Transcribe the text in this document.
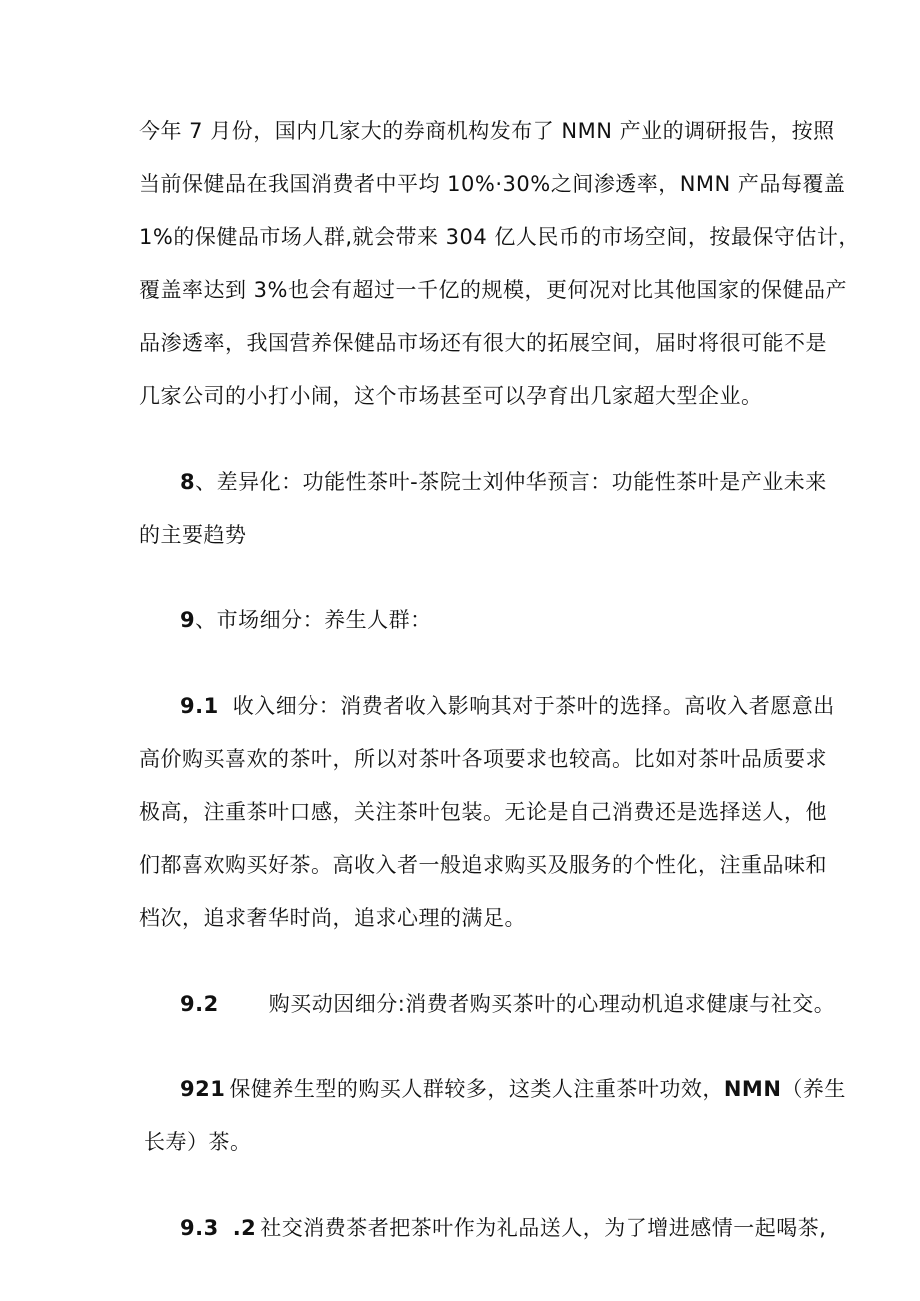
今年 7 月份，国内几家大的券商机构发布了 NMN 产业的调研报告，按照
当前保健品在我国消费者中平均 10%·30%之间渗透率，NMN 产品每覆盖
1%的保健品市场人群,就会带来 304 亿人民币的市场空间，按最保守估计，
覆盖率达到 3%也会有超过一千亿的规模，更何况对比其他国家的保健品产
品渗透率，我国营养保健品市场还有很大的拓展空间，届时将很可能不是
几家公司的小打小闹，这个市场甚至可以孕育出几家超大型企业。
8、差异化：功能性茶叶-茶院士刘仲华预言：功能性茶叶是产业未来
的主要趋势
9、市场细分：养生人群：
9.1 收入细分：消费者收入影响其对于茶叶的选择。高收入者愿意出
高价购买喜欢的茶叶，所以对茶叶各项要求也较高。比如对茶叶品质要求
极高，注重茶叶口感，关注茶叶包装。无论是自己消费还是选择送人，他
们都喜欢购买好茶。高收入者一般追求购买及服务的个性化，注重品味和
档次，追求奢华时尚，追求心理的满足。
9.2 购买动因细分:消费者购买茶叶的心理动机追求健康与社交。
921 保健养生型的购买人群较多，这类人注重茶叶功效，NMN（养生
长寿）茶。
9.3 .2 社交消费茶者把茶叶作为礼品送人，为了增进感情一起喝茶,
